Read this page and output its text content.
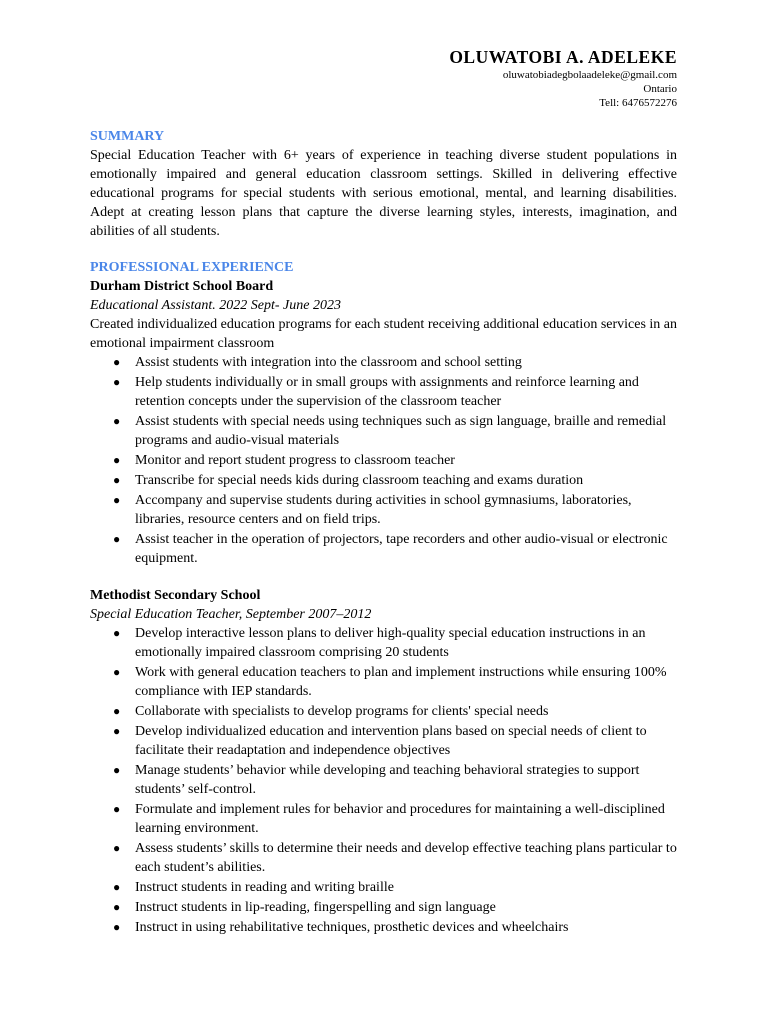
OLUWATOBI A. ADELEKE
oluwatobiadegbolaadeleke@gmail.com
Ontario
Tell: 6476572276
SUMMARY
Special Education Teacher with 6+ years of experience in teaching diverse student populations in emotionally impaired and general education classroom settings. Skilled in delivering effective educational programs for special students with serious emotional, mental, and learning disabilities. Adept at creating lesson plans that capture the diverse learning styles, interests, imagination, and abilities of all students.
PROFESSIONAL EXPERIENCE
Durham District School Board
Educational Assistant. 2022 Sept- June 2023
Created individualized education programs for each student receiving additional education services in an emotional impairment classroom
● Assist students with integration into the classroom and school setting
● Help students individually or in small groups with assignments and reinforce learning and retention concepts under the supervision of the classroom teacher
● Assist students with special needs using techniques such as sign language, braille and remedial programs and audio-visual materials
● Monitor and report student progress to classroom teacher
● Transcribe for special needs kids during classroom teaching and exams duration
● Accompany and supervise students during activities in school gymnasiums, laboratories, libraries, resource centers and on field trips.
● Assist teacher in the operation of projectors, tape recorders and other audio-visual or electronic equipment.
Methodist Secondary School
Special Education Teacher, September 2007–2012
● Develop interactive lesson plans to deliver high-quality special education instructions in an emotionally impaired classroom comprising 20 students
● Work with general education teachers to plan and implement instructions while ensuring 100% compliance with IEP standards.
● Collaborate with specialists to develop programs for clients' special needs
● Develop individualized education and intervention plans based on special needs of client to facilitate their readaptation and independence objectives
● Manage students’ behavior while developing and teaching behavioral strategies to support students’ self-control.
● Formulate and implement rules for behavior and procedures for maintaining a well-disciplined learning environment.
● Assess students’ skills to determine their needs and develop effective teaching plans particular to each student’s abilities.
● Instruct students in reading and writing braille
● Instruct students in lip-reading, fingerspelling and sign language
● Instruct in using rehabilitative techniques, prosthetic devices and wheelchairs
